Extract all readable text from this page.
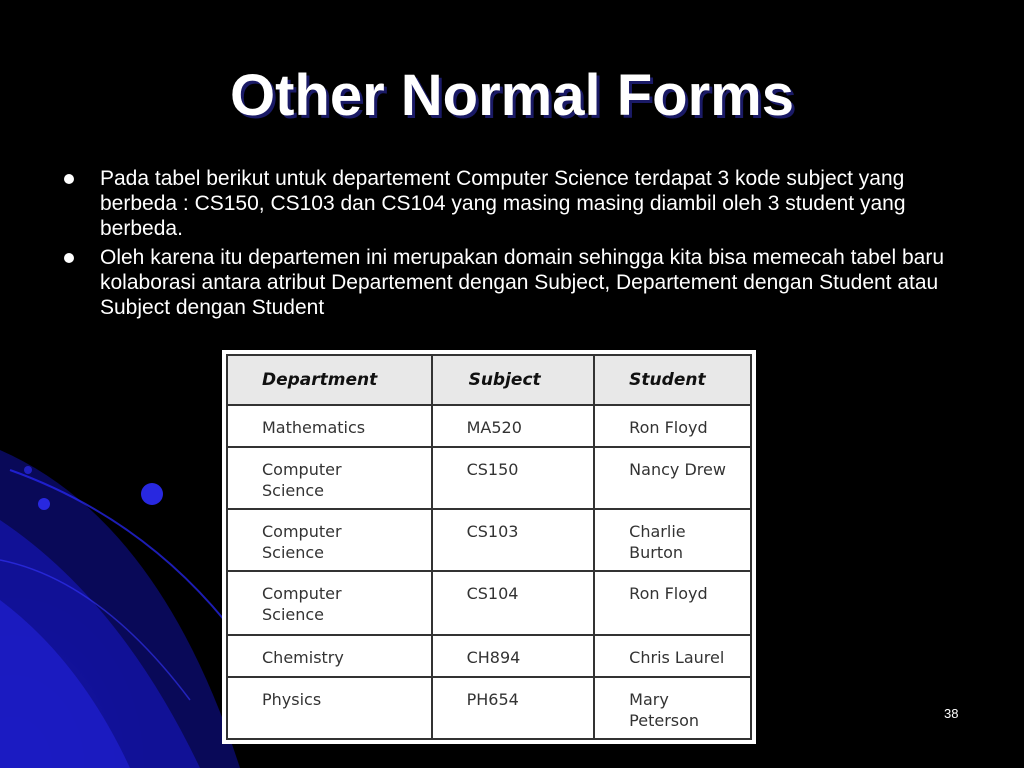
Other Normal Forms
Pada tabel berikut untuk departement Computer Science terdapat 3 kode subject yang berbeda : CS150, CS103 dan CS104 yang masing masing diambil oleh 3 student yang berbeda.
Oleh karena itu departemen ini merupakan domain sehingga kita bisa memecah tabel baru kolaborasi antara atribut Departement dengan Subject, Departement dengan Student atau Subject dengan Student
Department	Subject	Student

Mathematics	MA520	Ron Floyd

Computer
Science	CS150	Nancy Drew

Computer
Science	CS103	Charlie
Burton

Computer
Science	CS104	Ron Floyd

Chemistry	CH894	Chris Laurel

Physics	PH654	Mary
Peterson	38
